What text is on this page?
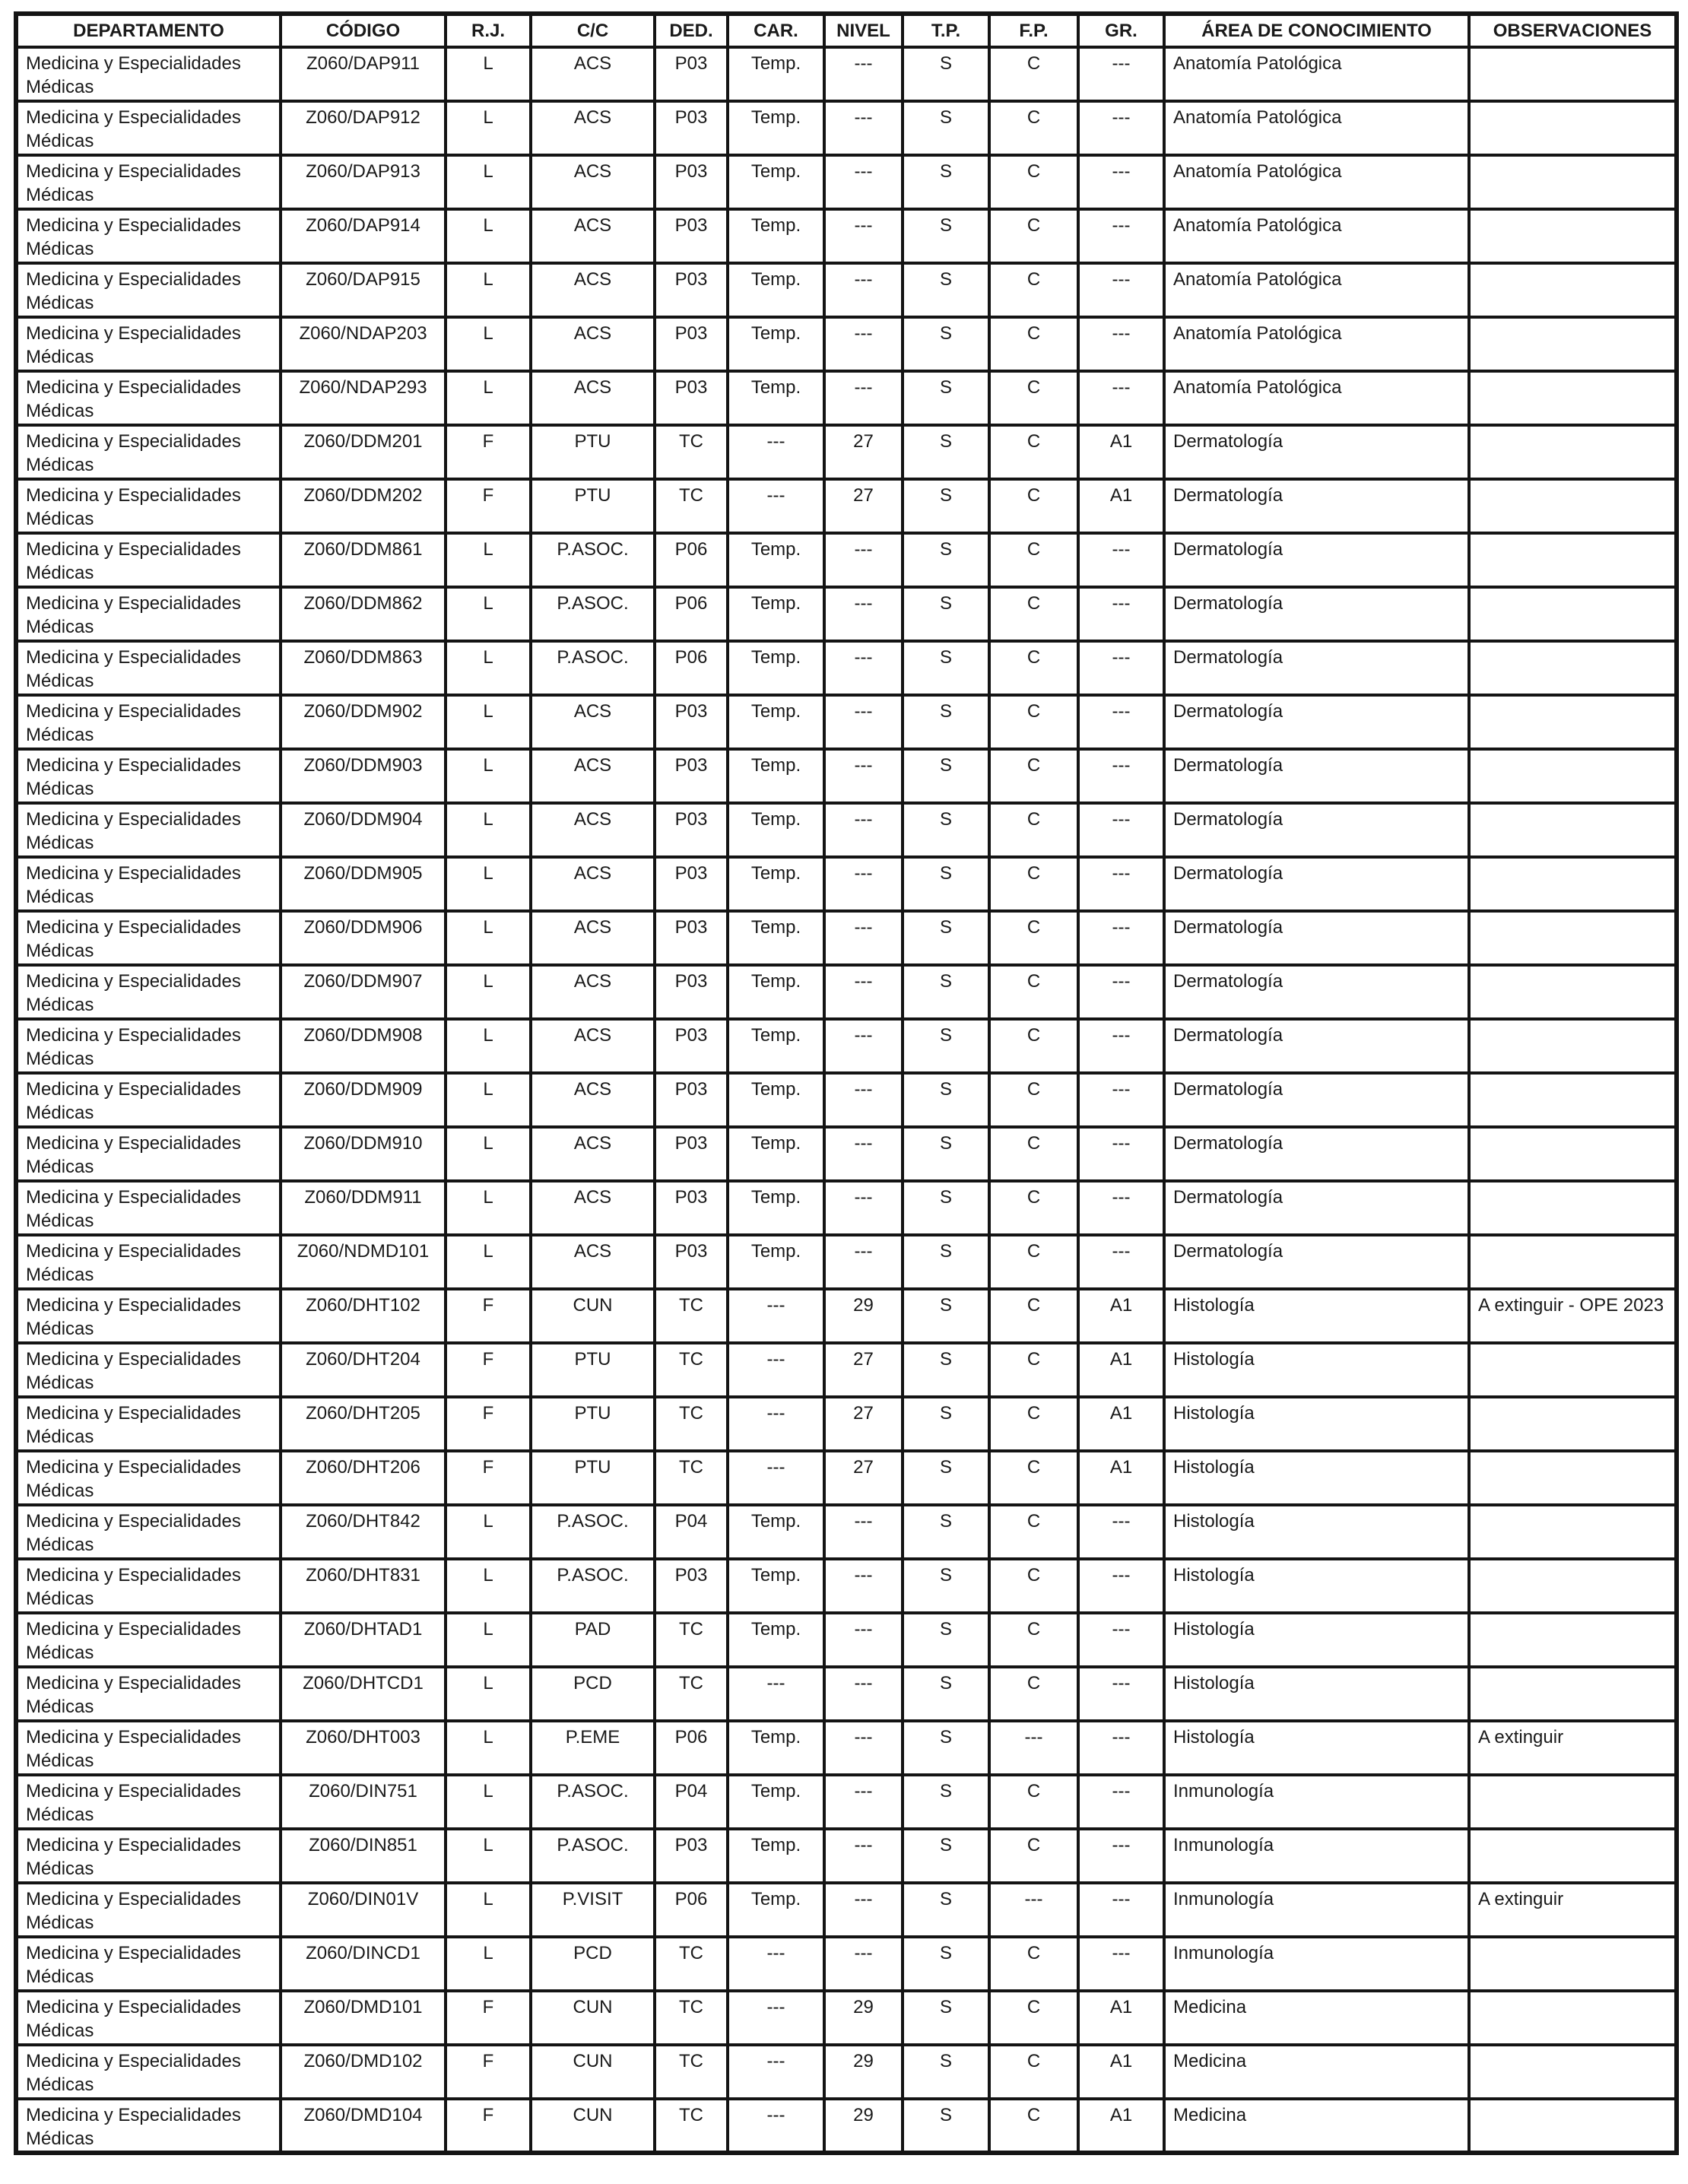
DEPARTAMENTO	CÓDIGO	R.J.	C/C	DED.	CAR.	NIVEL	T.P.	F.P.	GR.	ÁREA DE CONOCIMIENTO	OBSERVACIONES
Medicina y Especialidades Médicas	Z060/DAP911	L	ACS	P03	Temp.	---	S	C	---	Anatomía Patológica	
Medicina y Especialidades Médicas	Z060/DAP912	L	ACS	P03	Temp.	---	S	C	---	Anatomía Patológica	
Medicina y Especialidades Médicas	Z060/DAP913	L	ACS	P03	Temp.	---	S	C	---	Anatomía Patológica	
Medicina y Especialidades Médicas	Z060/DAP914	L	ACS	P03	Temp.	---	S	C	---	Anatomía Patológica	
Medicina y Especialidades Médicas	Z060/DAP915	L	ACS	P03	Temp.	---	S	C	---	Anatomía Patológica	
Medicina y Especialidades Médicas	Z060/NDAP203	L	ACS	P03	Temp.	---	S	C	---	Anatomía Patológica	
Medicina y Especialidades Médicas	Z060/NDAP293	L	ACS	P03	Temp.	---	S	C	---	Anatomía Patológica	
Medicina y Especialidades Médicas	Z060/DDM201	F	PTU	TC	---	27	S	C	A1	Dermatología	
Medicina y Especialidades Médicas	Z060/DDM202	F	PTU	TC	---	27	S	C	A1	Dermatología	
Medicina y Especialidades Médicas	Z060/DDM861	L	P.ASOC.	P06	Temp.	---	S	C	---	Dermatología	
Medicina y Especialidades Médicas	Z060/DDM862	L	P.ASOC.	P06	Temp.	---	S	C	---	Dermatología	
Medicina y Especialidades Médicas	Z060/DDM863	L	P.ASOC.	P06	Temp.	---	S	C	---	Dermatología	
Medicina y Especialidades Médicas	Z060/DDM902	L	ACS	P03	Temp.	---	S	C	---	Dermatología	
Medicina y Especialidades Médicas	Z060/DDM903	L	ACS	P03	Temp.	---	S	C	---	Dermatología	
Medicina y Especialidades Médicas	Z060/DDM904	L	ACS	P03	Temp.	---	S	C	---	Dermatología	
Medicina y Especialidades Médicas	Z060/DDM905	L	ACS	P03	Temp.	---	S	C	---	Dermatología	
Medicina y Especialidades Médicas	Z060/DDM906	L	ACS	P03	Temp.	---	S	C	---	Dermatología	
Medicina y Especialidades Médicas	Z060/DDM907	L	ACS	P03	Temp.	---	S	C	---	Dermatología	
Medicina y Especialidades Médicas	Z060/DDM908	L	ACS	P03	Temp.	---	S	C	---	Dermatología	
Medicina y Especialidades Médicas	Z060/DDM909	L	ACS	P03	Temp.	---	S	C	---	Dermatología	
Medicina y Especialidades Médicas	Z060/DDM910	L	ACS	P03	Temp.	---	S	C	---	Dermatología	
Medicina y Especialidades Médicas	Z060/DDM911	L	ACS	P03	Temp.	---	S	C	---	Dermatología	
Medicina y Especialidades Médicas	Z060/NDMD101	L	ACS	P03	Temp.	---	S	C	---	Dermatología	
Medicina y Especialidades Médicas	Z060/DHT102	F	CUN	TC	---	29	S	C	A1	Histología	A extinguir - OPE 2023
Medicina y Especialidades Médicas	Z060/DHT204	F	PTU	TC	---	27	S	C	A1	Histología	
Medicina y Especialidades Médicas	Z060/DHT205	F	PTU	TC	---	27	S	C	A1	Histología	
Medicina y Especialidades Médicas	Z060/DHT206	F	PTU	TC	---	27	S	C	A1	Histología	
Medicina y Especialidades Médicas	Z060/DHT842	L	P.ASOC.	P04	Temp.	---	S	C	---	Histología	
Medicina y Especialidades Médicas	Z060/DHT831	L	P.ASOC.	P03	Temp.	---	S	C	---	Histología	
Medicina y Especialidades Médicas	Z060/DHTAD1	L	PAD	TC	Temp.	---	S	C	---	Histología	
Medicina y Especialidades Médicas	Z060/DHTCD1	L	PCD	TC	---	---	S	C	---	Histología	
Medicina y Especialidades Médicas	Z060/DHT003	L	P.EME	P06	Temp.	---	S	---	---	Histología	A extinguir
Medicina y Especialidades Médicas	Z060/DIN751	L	P.ASOC.	P04	Temp.	---	S	C	---	Inmunología	
Medicina y Especialidades Médicas	Z060/DIN851	L	P.ASOC.	P03	Temp.	---	S	C	---	Inmunología	
Medicina y Especialidades Médicas	Z060/DIN01V	L	P.VISIT	P06	Temp.	---	S	---	---	Inmunología	A extinguir
Medicina y Especialidades Médicas	Z060/DINCD1	L	PCD	TC	---	---	S	C	---	Inmunología	
Medicina y Especialidades Médicas	Z060/DMD101	F	CUN	TC	---	29	S	C	A1	Medicina	
Medicina y Especialidades Médicas	Z060/DMD102	F	CUN	TC	---	29	S	C	A1	Medicina	
Medicina y Especialidades Médicas	Z060/DMD104	F	CUN	TC	---	29	S	C	A1	Medicina	
